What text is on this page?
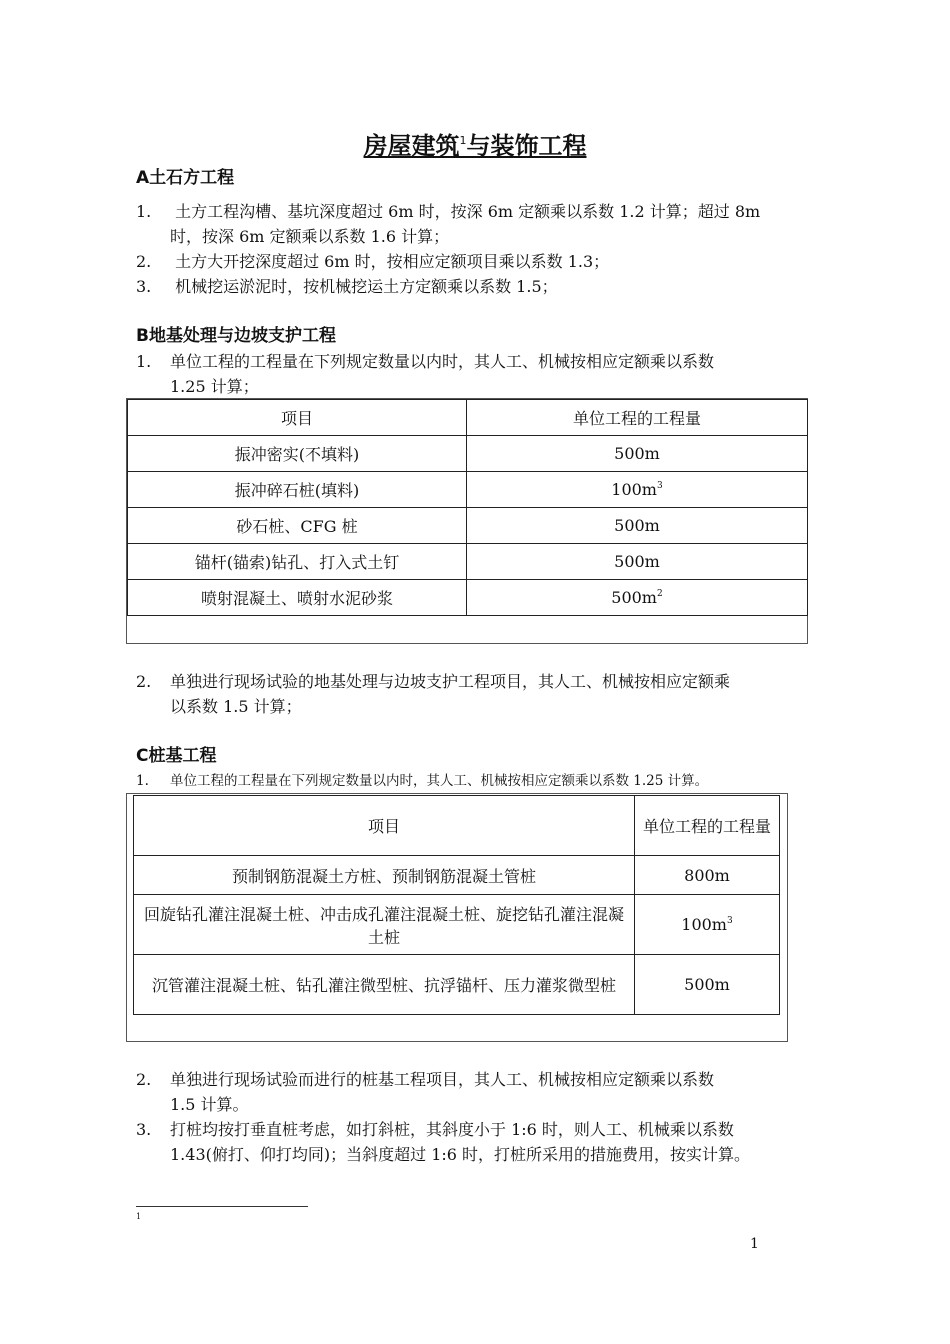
房屋建筑$^1$与装饰工程
A土石方工程
1. 土方工程沟槽、基坑深度超过 6m 时，按深 6m 定额乘以系数 1.2 计算；超过 8m
时，按深 6m 定额乘以系数 1.6 计算；
2. 土方大开挖深度超过 6m 时，按相应定额项目乘以系数 1.3；
3. 机械挖运淤泥时，按机械挖运土方定额乘以系数 1.5；
B地基处理与边坡支护工程
1. 单位工程的工程量在下列规定数量以内时，其人工、机械按相应定额乘以系数
1.25 计算；
项目	单位工程的工程量
振冲密实(不填料)	500m
振冲碎石桩(填料)	$100m^3$
砂石桩、CFG 桩	500m
锚杆(锚索)钻孔、打入式土钉	500m
喷射混凝土、喷射水泥砂浆	$500m^2$
2. 单独进行现场试验的地基处理与边坡支护工程项目，其人工、机械按相应定额乘
以系数 1.5 计算；
C桩基工程
1. 单位工程的工程量在下列规定数量以内时，其人工、机械按相应定额乘以系数 1.25 计算。
项目	单位工程的工程量
预制钢筋混凝土方桩、预制钢筋混凝土管桩	800m
回旋钻孔灌注混凝土桩、冲击成孔灌注混凝土桩、旋挖钻孔灌注混凝土桩	$100m^3$
沉管灌注混凝土桩、钻孔灌注微型桩、抗浮锚杆、压力灌浆微型桩	500m
2. 单独进行现场试验而进行的桩基工程项目，其人工、机械按相应定额乘以系数
1.5 计算。
3. 打桩均按打垂直桩考虑，如打斜桩，其斜度小于 1:6 时，则人工、机械乘以系数
1.43(俯打、仰打均同)；当斜度超过 1:6 时，打桩所采用的措施费用，按实计算。
1
1
